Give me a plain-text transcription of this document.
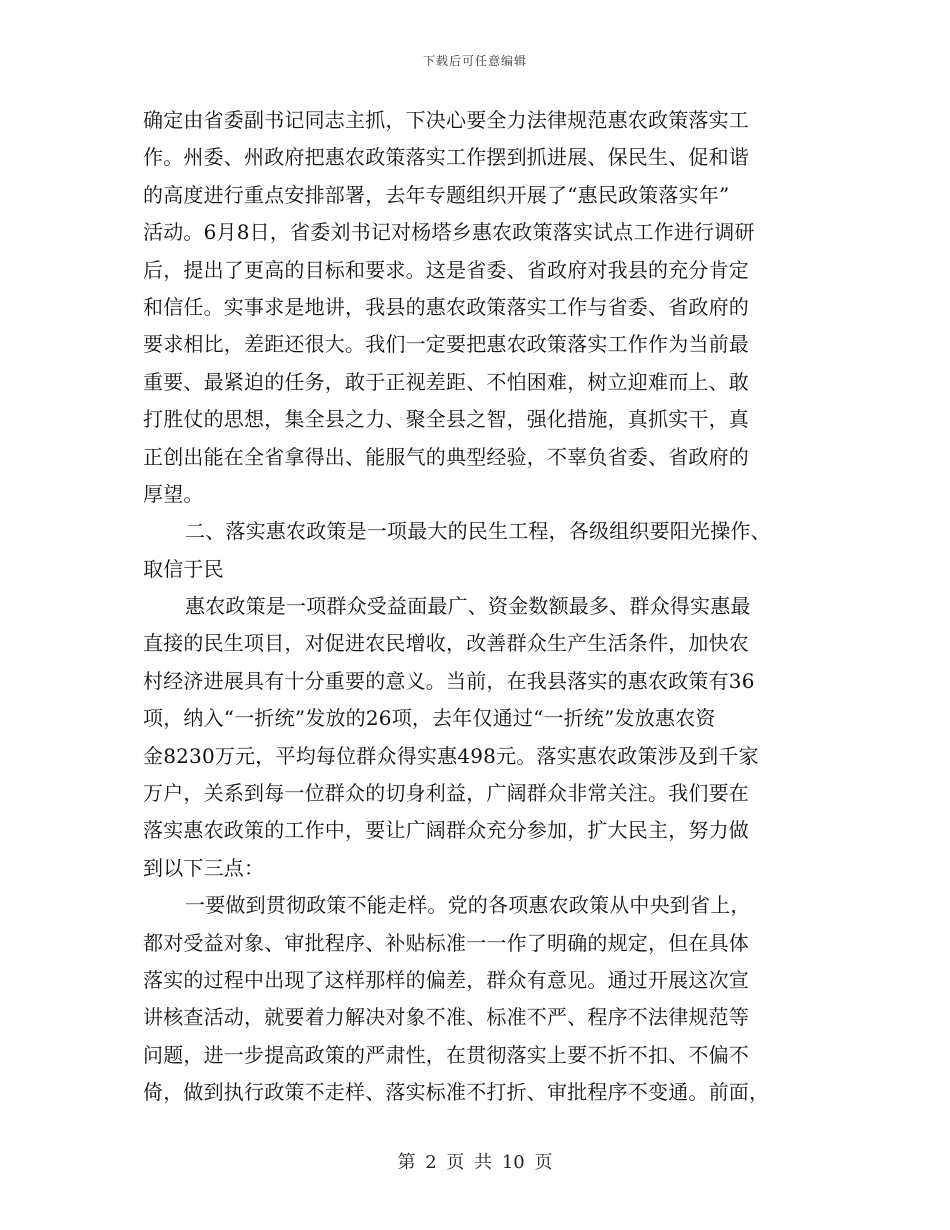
下载后可任意编辑
确定由省委副书记同志主抓，下决心要全力法律规范惠农政策落实工
作。州委、州政府把惠农政策落实工作摆到抓进展、保民生、促和谐
的高度进行重点安排部署，去年专题组织开展了“惠民政策落实年”
活动。6月8日，省委刘书记对杨塔乡惠农政策落实试点工作进行调研
后，提出了更高的目标和要求。这是省委、省政府对我县的充分肯定
和信任。实事求是地讲，我县的惠农政策落实工作与省委、省政府的
要求相比，差距还很大。我们一定要把惠农政策落实工作作为当前最
重要、最紧迫的任务，敢于正视差距、不怕困难，树立迎难而上、敢
打胜仗的思想，集全县之力、聚全县之智，强化措施，真抓实干，真
正创出能在全省拿得出、能服气的典型经验，不辜负省委、省政府的
厚望。
二、落实惠农政策是一项最大的民生工程，各级组织要阳光操作、
取信于民
惠农政策是一项群众受益面最广、资金数额最多、群众得实惠最
直接的民生项目，对促进农民增收，改善群众生产生活条件，加快农
村经济进展具有十分重要的意义。当前，在我县落实的惠农政策有36
项，纳入“一折统”发放的26项，去年仅通过“一折统”发放惠农资
金8230万元，平均每位群众得实惠498元。落实惠农政策涉及到千家
万户，关系到每一位群众的切身利益，广阔群众非常关注。我们要在
落实惠农政策的工作中，要让广阔群众充分参加，扩大民主，努力做
到以下三点：
一要做到贯彻政策不能走样。党的各项惠农政策从中央到省上，
都对受益对象、审批程序、补贴标准一一作了明确的规定，但在具体
落实的过程中出现了这样那样的偏差，群众有意见。通过开展这次宣
讲核查活动，就要着力解决对象不准、标准不严、程序不法律规范等
问题，进一步提高政策的严肃性，在贯彻落实上要不折不扣、不偏不
倚，做到执行政策不走样、落实标准不打折、审批程序不变通。前面，
第 2 页 共 10 页
